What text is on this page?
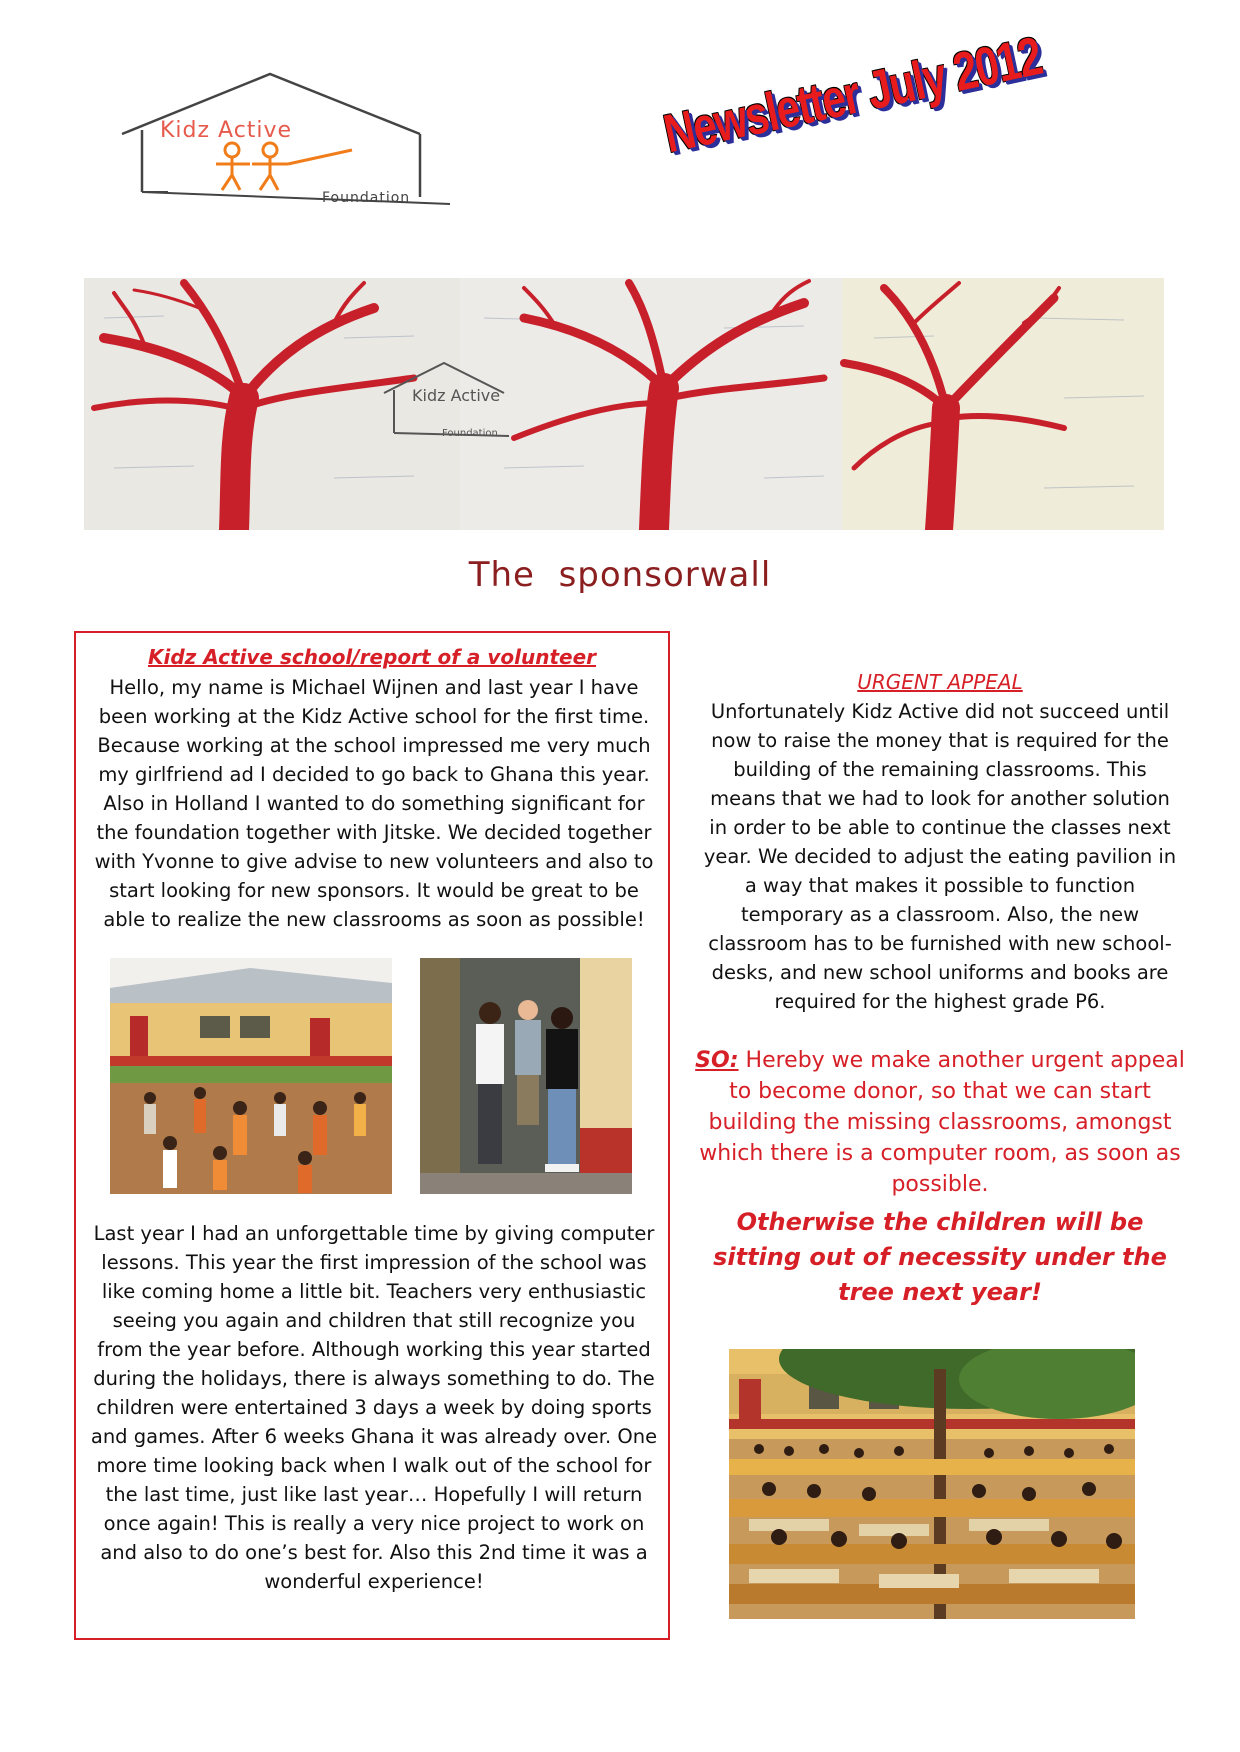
Kidz Active
Foundation
Newsletter July 2012
Kidz Active
Foundation
The  sponsorwall
Kidz Active school/report of a volunteer
Hello, my name is Michael Wijnen and last year I have been working at the Kidz Active school for the first time. Because working at the school impressed me very much my girlfriend ad I decided to go back to Ghana this year. Also in Holland I wanted to do something significant for the foundation together with Jitske. We decided together with Yvonne to give advise to new volunteers and also to start looking for new sponsors. It would be great to be able to realize the new classrooms as soon as possible!
Last year I had an unforgettable time by giving computer lessons. This year the first impression of the school was like coming home a little bit. Teachers very enthusiastic seeing you again and children that still recognize you from the year before. Although working this year started during the holidays, there is always something to do. The children were entertained 3 days a week by doing sports and games. After 6 weeks Ghana it was already over. One more time looking back when I walk out of the school for the last time, just like last year… Hopefully I will return once again! This is really a very nice project to work on and also to do one’s best for. Also this 2nd time it was a wonderful experience!
URGENT APPEAL
Unfortunately Kidz Active did not succeed until now to raise the money that is required for the building of the remaining classrooms. This means that we had to look for another solution in order to be able to continue the classes next year. We decided to adjust the eating pavilion in a way that makes it possible to function temporary as a classroom. Also, the new classroom has to be furnished with new school-desks, and new school uniforms and books are required for the highest grade P6.
SO: Hereby we make another urgent appeal to become donor, so that we can start building the missing classrooms, amongst which there is a computer room, as soon as possible.
Otherwise the children will be sitting out of necessity under the tree next year!
